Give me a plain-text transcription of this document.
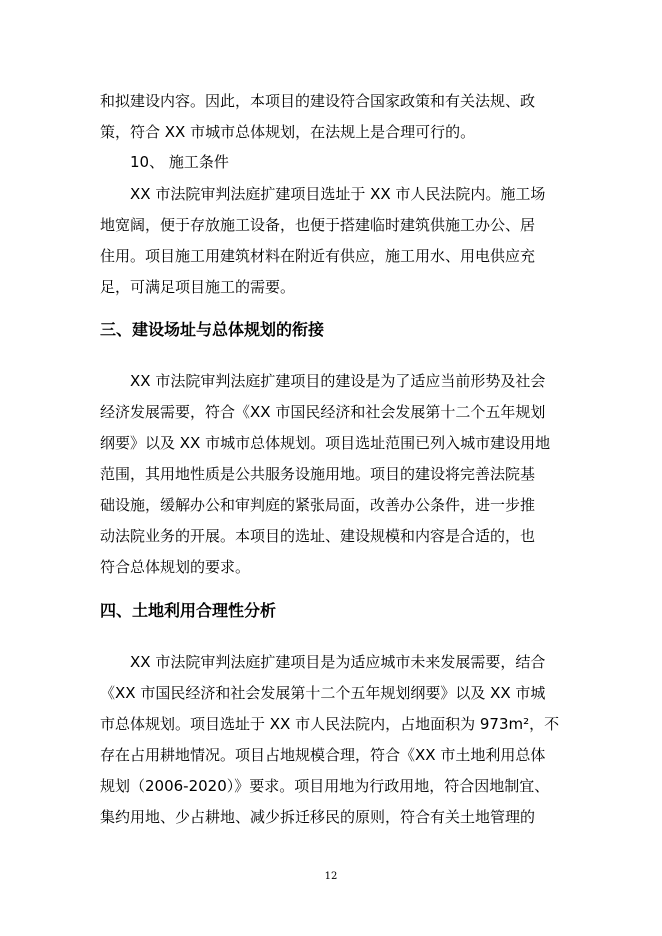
和拟建设内容。因此，本项目的建设符合国家政策和有关法规、政
策，符合 XX 市城市总体规划，在法规上是合理可行的。
10、 施工条件
XX 市法院审判法庭扩建项目选址于 XX 市人民法院内。施工场
地宽阔，便于存放施工设备，也便于搭建临时建筑供施工办公、居
住用。项目施工用建筑材料在附近有供应，施工用水、用电供应充
足，可满足项目施工的需要。
三、建设场址与总体规划的衔接
XX 市法院审判法庭扩建项目的建设是为了适应当前形势及社会
经济发展需要，符合《XX 市国民经济和社会发展第十二个五年规划
纲要》以及 XX 市城市总体规划。项目选址范围已列入城市建设用地
范围，其用地性质是公共服务设施用地。项目的建设将完善法院基
础设施，缓解办公和审判庭的紧张局面，改善办公条件，进一步推
动法院业务的开展。本项目的选址、建设规模和内容是合适的，也
符合总体规划的要求。
四、土地利用合理性分析
XX 市法院审判法庭扩建项目是为适应城市未来发展需要，结合
《XX 市国民经济和社会发展第十二个五年规划纲要》以及 XX 市城
市总体规划。项目选址于 XX 市人民法院内，占地面积为 973m²，不
存在占用耕地情况。项目占地规模合理，符合《XX 市土地利用总体
规划（2006-2020）》要求。项目用地为行政用地，符合因地制宜、
集约用地、少占耕地、减少拆迁移民的原则，符合有关土地管理的
12
